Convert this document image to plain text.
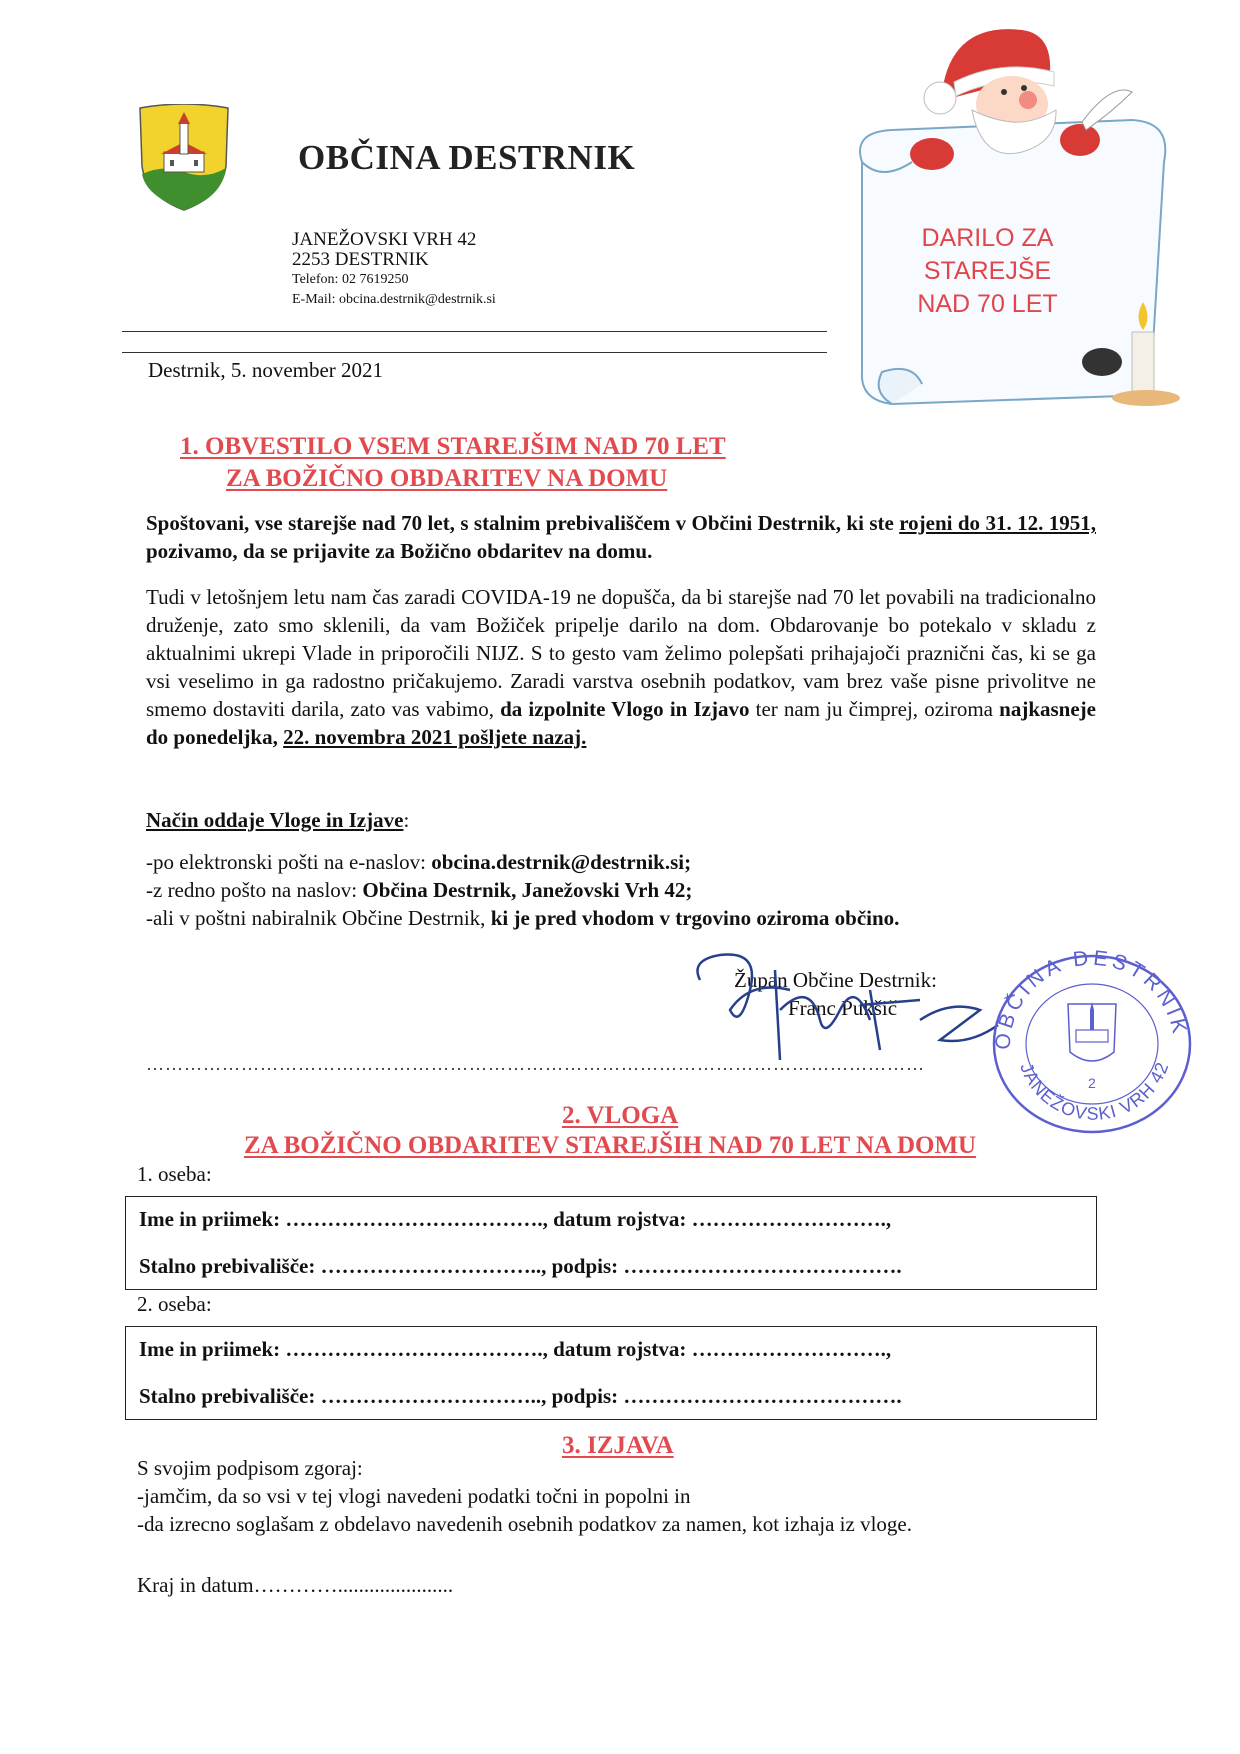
OBČINA DESTRNIK
JANEŽOVSKI VRH 42
2253 DESTRNIK
Telefon: 02 7619250
E-Mail: obcina.destrnik@destrnik.si
Destrnik, 5. november 2021
DARILO ZA
STAREJŠE
NAD 70 LET
1. OBVESTILO VSEM STAREJŠIM NAD 70 LET
ZA BOŽIČNO OBDARITEV NA DOMU
Spoštovani, vse starejše nad 70 let, s stalnim prebivališčem v Občini Destrnik, ki ste rojeni do 31. 12. 1951, pozivamo, da se prijavite za Božično obdaritev na domu.
Tudi v letošnjem letu nam čas zaradi COVIDA-19 ne dopušča, da bi starejše nad 70 let povabili na tradicionalno druženje, zato smo sklenili, da vam Božiček pripelje darilo na dom. Obdarovanje bo potekalo v skladu z aktualnimi ukrepi Vlade in priporočili NIJZ. S to gesto vam želimo polepšati prihajajoči praznični čas, ki se ga vsi veselimo in ga radostno pričakujemo. Zaradi varstva osebnih podatkov, vam brez vaše pisne privolitve ne smemo dostaviti darila, zato vas vabimo, da izpolnite Vlogo in Izjavo ter nam ju čimprej, oziroma najkasneje do ponedeljka, 22. novembra 2021 pošljete nazaj.
Način oddaje Vloge in Izjave:
-po elektronski pošti na e-naslov: obcina.destrnik@destrnik.si;
-z redno pošto na naslov: Občina Destrnik, Janežovski Vrh 42;
-ali v poštni nabiralnik Občine Destrnik, ki je pred vhodom v trgovino oziroma občino.
Župan Občine Destrnik:
Franc Pukšič
OBČINA DESTRNIK
JANEŽOVSKI VRH 42
2
……………………………………………………………………………………………………………
2. VLOGA
ZA BOŽIČNO OBDARITEV STAREJŠIH NAD 70 LET NA DOMU
1. oseba:
Ime in priimek: ………………………………., datum rojstva: ……………………….,
Stalno prebivališče: ………………………….., podpis: ………………………………….
2. oseba:
Ime in priimek: ………………………………., datum rojstva: ……………………….,
Stalno prebivališče: ………………………….., podpis: ………………………………….
3. IZJAVA
S svojim podpisom zgoraj:
-jamčim, da so vsi v tej vlogi navedeni podatki točni in popolni in
-da izrecno soglašam z obdelavo navedenih osebnih podatkov za namen, kot izhaja iz vloge.
Kraj in datum…………......................
